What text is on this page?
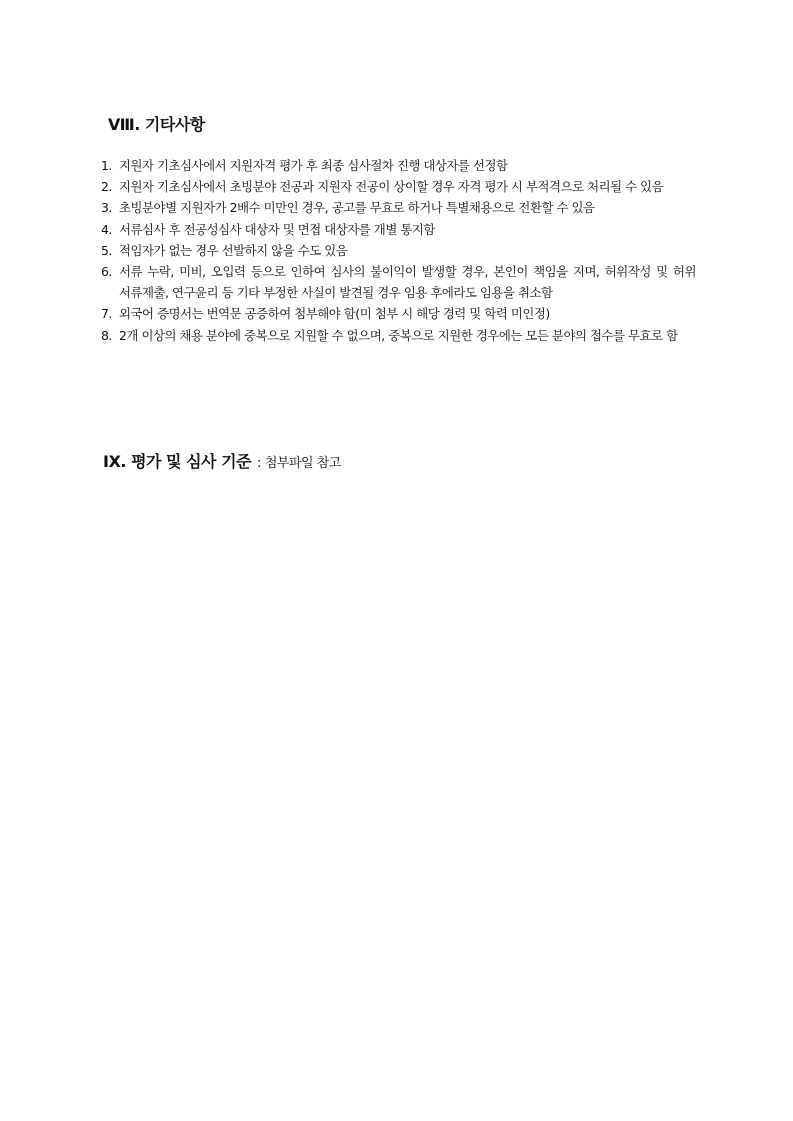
Ⅷ. 기타사항
1. 지원자 기초심사에서 지원자격 평가 후 최종 심사절차 진행 대상자를 선정함
2. 지원자 기초심사에서 초빙분야 전공과 지원자 전공이 상이할 경우 자격 평가 시 부적격으로 처리될 수 있음
3. 초빙분야별 지원자가 2배수 미만인 경우, 공고를 무효로 하거나 특별채용으로 전환할 수 있음
4. 서류심사 후 전공성심사 대상자 및 면접 대상자를 개별 통지함
5. 적임자가 없는 경우 선발하지 않을 수도 있음
6. 서류 누락, 미비, 오입력 등으로 인하여 심사의 불이익이 발생할 경우, 본인이 책임을 지며, 허위작성 및 허위 서류제출, 연구윤리 등 기타 부정한 사실이 발견될 경우 임용 후에라도 임용을 취소함
7. 외국어 증명서는 번역문 공증하여 첨부해야 함(미 첨부 시 해당 경력 및 학력 미인정)
8. 2개 이상의 채용 분야에 중복으로 지원할 수 없으며, 중복으로 지원한 경우에는 모든 분야의 접수를 무효로 함
Ⅸ. 평가 및 심사 기준 : 첨부파일 참고
